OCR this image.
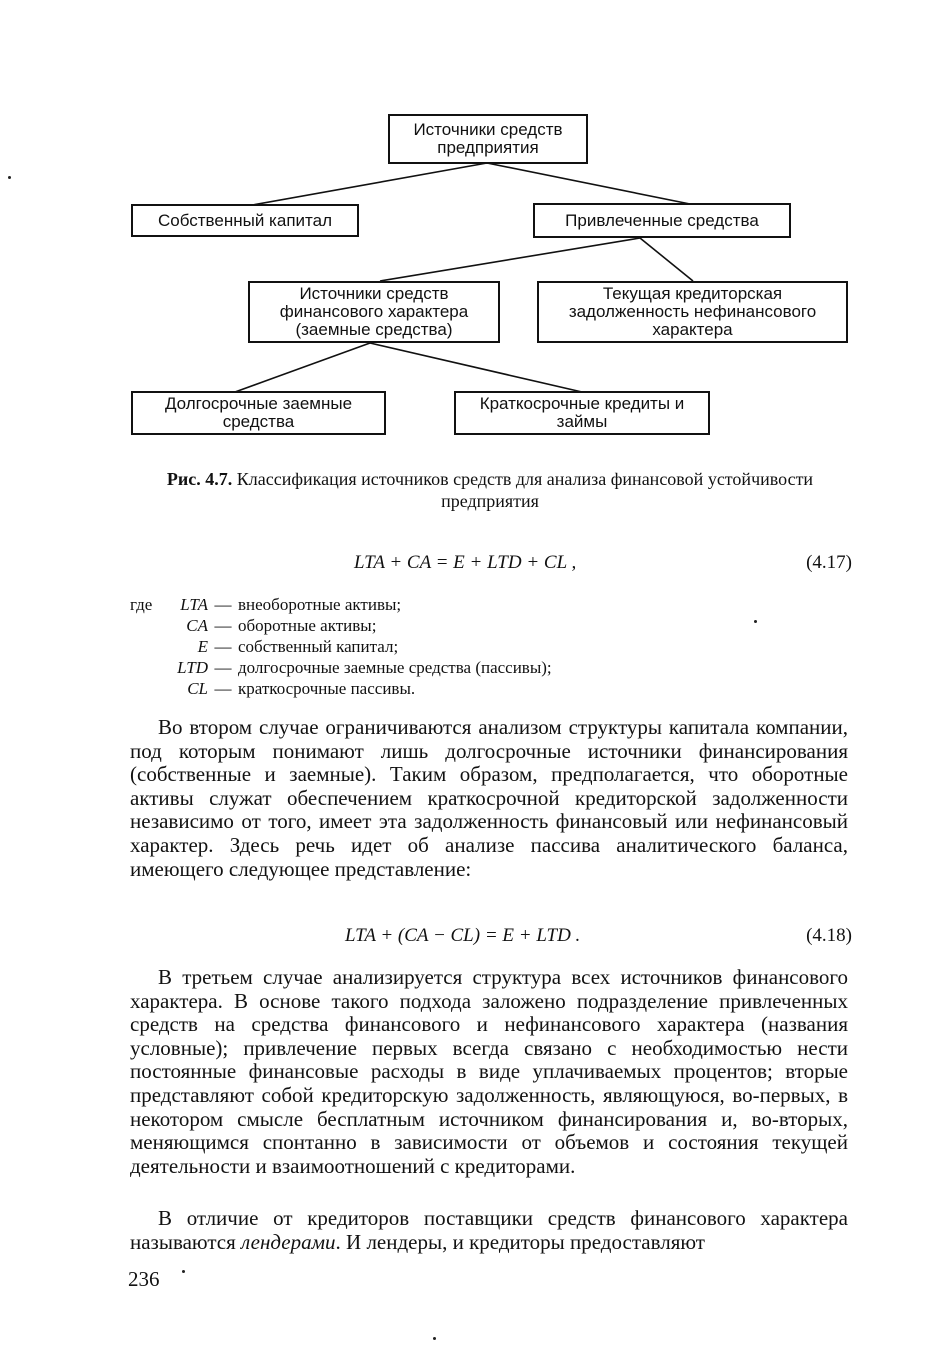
Источники средств предприятия
Собственный капитал	Привлеченные средства
Источники средств финансового характера (заемные средства)
Текущая кредиторская задолженность нефинансового характера
Долгосрочные заемные средства
Краткосрочные кредиты и займы
Рис. 4.7. Классификация источников средств для анализа финансовой устойчивости предприятия
LTA + CA = E + LTD + CL ,	(4.17)
где	LTA — внеоборотные активы;
CA — оборотные активы;
E — собственный капитал;
LTD — долгосрочные заемные средства (пассивы);
CL — краткосрочные пассивы.

Во втором случае ограничиваются анализом структуры капитала компании, под которым понимают лишь долгосрочные источники финансирования (собственные и заемные). Таким образом, предполагается, что оборотные активы служат обеспечением краткосрочной кредиторской задолженности независимо от того, имеет эта задолженность финансовый или нефинансовый характер. Здесь речь идет об анализе пассива аналитического баланса, имеющего следующее представление:

LTA + (CA − CL) = E + LTD .	(4.18)

В третьем случае анализируется структура всех источников финансового характера. В основе такого подхода заложено подразделение привлеченных средств на средства финансового и нефинансового характера (названия условные); привлечение первых всегда связано с необходимостью нести постоянные финансовые расходы в виде уплачиваемых процентов; вторые представляют собой кредиторскую задолженность, являющуюся, во-первых, в некотором смысле бесплатным источником финансирования и, во-вторых, меняющимся спонтанно в зависимости от объемов и состояния текущей деятельности и взаимоотношений с кредиторами.

В отличие от кредиторов поставщики средств финансового характера называются лендерами. И лендеры, и кредиторы предоставляют

236
